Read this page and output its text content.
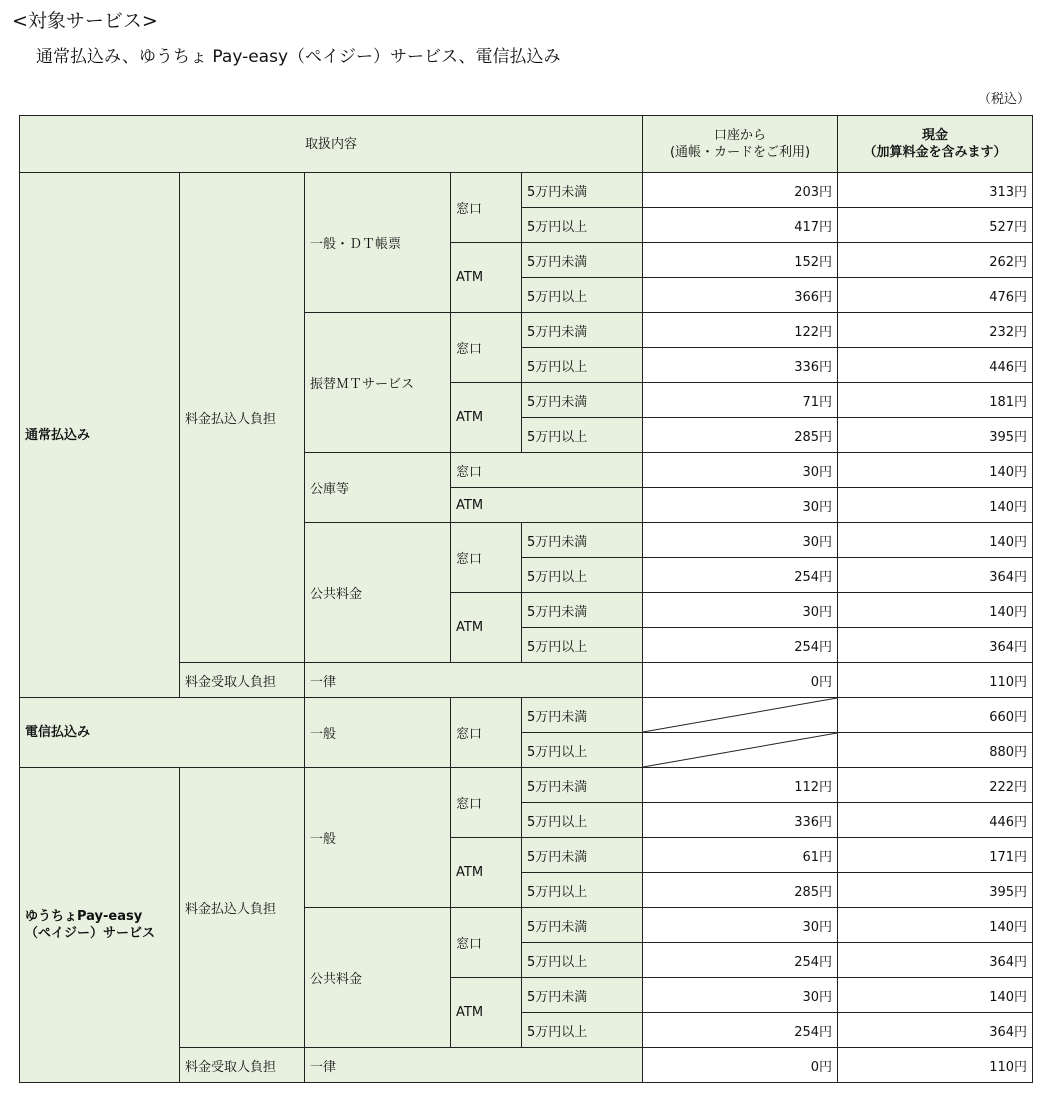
<対象サービス>
通常払込み、ゆうちょ Pay-easy（ペイジー）サービス、電信払込み
（税込）
取扱内容					口座から
(通帳・カードをご利用)	現金
（加算料金を含みます）
通常払込み	料金払込人負担	一般・ＤＴ帳票	窓口	5万円未満	203円	313円
				5万円以上	417円	527円
			ATM	5万円未満	152円	262円
				5万円以上	366円	476円
		振替ＭＴサービス	窓口	5万円未満	122円	232円
				5万円以上	336円	446円
			ATM	5万円未満	71円	181円
				5万円以上	285円	395円
		公庫等	窓口		30円	140円
			ATM		30円	140円
		公共料金	窓口	5万円未満	30円	140円
				5万円以上	254円	364円
			ATM	5万円未満	30円	140円
				5万円以上	254円	364円
	料金受取人負担	一律			0円	110円
電信払込み		一般	窓口	5万円未満		660円
				5万円以上		880円
ゆうちょPay-easy
（ペイジー）サービス	料金払込人負担	一般	窓口	5万円未満	112円	222円
				5万円以上	336円	446円
			ATM	5万円未満	61円	171円
				5万円以上	285円	395円
		公共料金	窓口	5万円未満	30円	140円
				5万円以上	254円	364円
			ATM	5万円未満	30円	140円
				5万円以上	254円	364円
	料金受取人負担	一律			0円	110円
